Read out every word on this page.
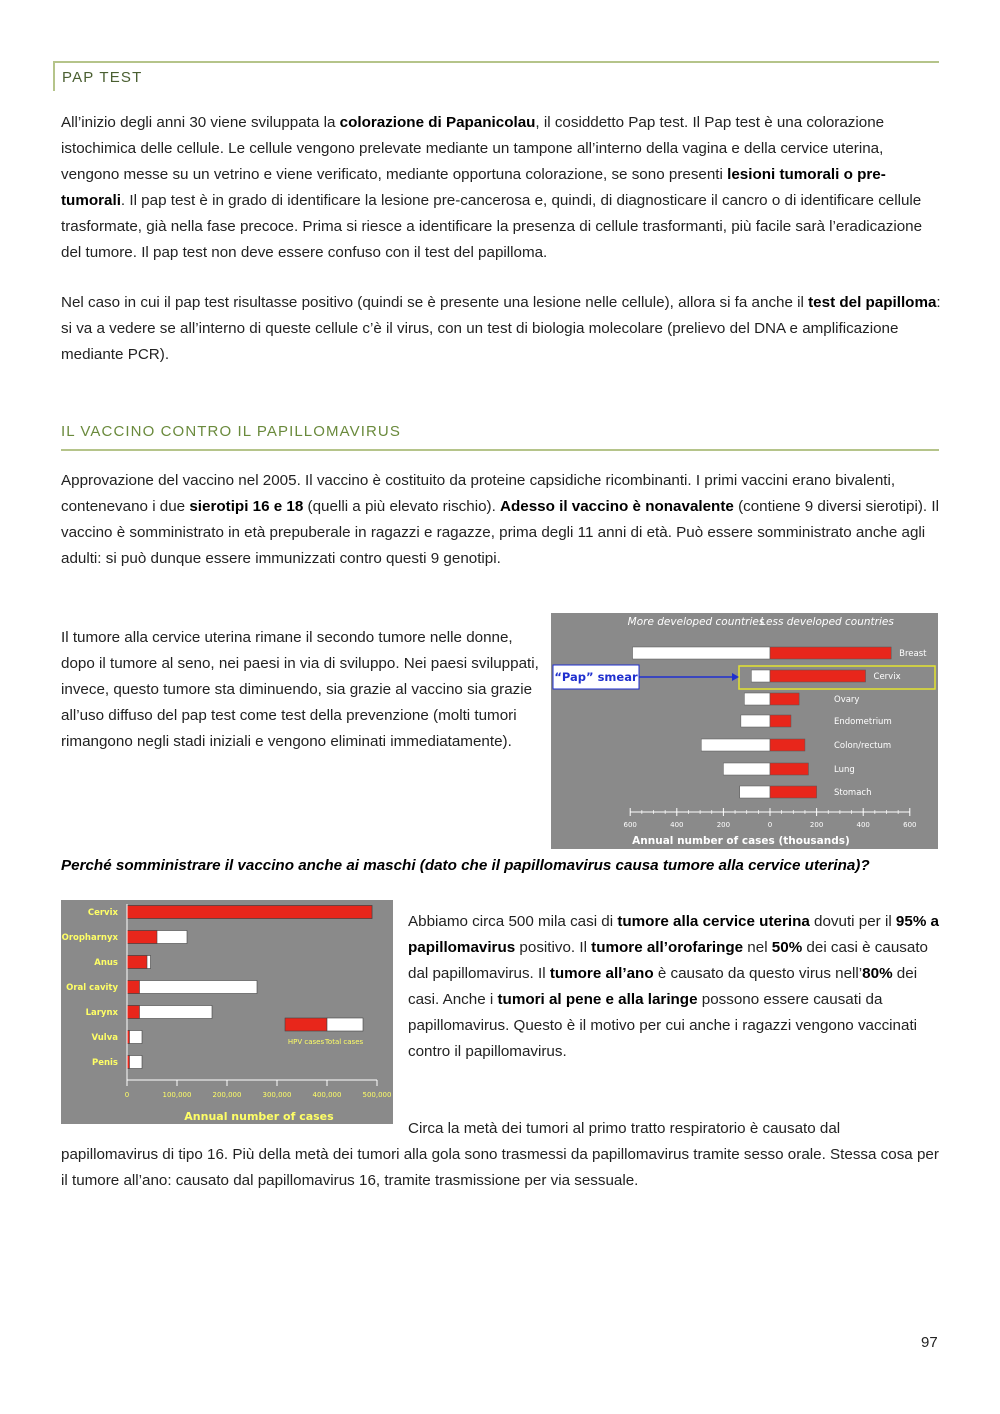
PAP TEST
All’inizio degli anni 30 viene sviluppata la colorazione di Papanicolau, il cosiddetto Pap test. Il Pap test è una colorazione istochimica delle cellule. Le cellule vengono prelevate mediante un tampone all’interno della vagina e della cervice uterina, vengono messe su un vetrino e viene verificato, mediante opportuna colorazione, se sono presenti lesioni tumorali o pre-tumorali. Il pap test è in grado di identificare la lesione pre-cancerosa e, quindi, di diagnosticare il cancro o di identificare cellule trasformate, già nella fase precoce. Prima si riesce a identificare la presenza di cellule trasformanti, più facile sarà l’eradicazione del tumore. Il pap test non deve essere confuso con il test del papilloma.
Nel caso in cui il pap test risultasse positivo (quindi se è presente una lesione nelle cellule), allora si fa anche il test del papilloma: si va a vedere se all’interno di queste cellule c’è il virus, con un test di biologia molecolare (prelievo del DNA e amplificazione mediante PCR).
IL VACCINO CONTRO IL PAPILLOMAVIRUS
Approvazione del vaccino nel 2005. Il vaccino è costituito da proteine capsidiche ricombinanti. I primi vaccini erano bivalenti, contenevano i due sierotipi 16 e 18 (quelli a più elevato rischio). Adesso il vaccino è nonavalente (contiene 9 diversi sierotipi). Il vaccino è somministrato in età prepuberale in ragazzi e ragazze, prima degli 11 anni di età. Può essere somministrato anche agli adulti: si può dunque essere immunizzati contro questi 9 genotipi.
Il tumore alla cervice uterina rimane il secondo tumore nelle donne, dopo il tumore al seno, nei paesi in via di sviluppo. Nei paesi sviluppati, invece, questo tumore sta diminuendo, sia grazie al vaccino sia grazie all’uso diffuso del pap test come test della prevenzione (molti tumori rimangono negli stadi iniziali e vengono eliminati immediatamente).
More developed countries
Less developed countries
“Pap” smear
Breast
Cervix
Ovary
Endometrium
Colon/rectum
Lung
Stomach
600	400	200	0	200	400	600
Annual number of cases (thousands)
Perché somministrare il vaccino anche ai maschi (dato che il papillomavirus causa tumore alla cervice uterina)?
Cervix
Oropharnyx
Anus
Oral cavity
Larynx
Vulva
Penis
HPV cases Total cases
0	100,000	200,000	300,000	400,000	500,000
Annual number of cases
Abbiamo circa 500 mila casi di tumore alla cervice uterina dovuti per il 95% a papillomavirus positivo. Il tumore all’orofaringe nel 50% dei casi è causato dal papillomavirus. Il tumore all’ano è causato da questo virus nell’80% dei casi. Anche i tumori al pene e alla laringe possono essere causati da papillomavirus. Questo è il motivo per cui anche i ragazzi vengono vaccinati contro il papillomavirus.
Circa la metà dei tumori al primo tratto respiratorio è causato dal
papillomavirus di tipo 16. Più della metà dei tumori alla gola sono trasmessi da papillomavirus tramite sesso orale. Stessa cosa per il tumore all’ano: causato dal papillomavirus 16, tramite trasmissione per via sessuale.
97
